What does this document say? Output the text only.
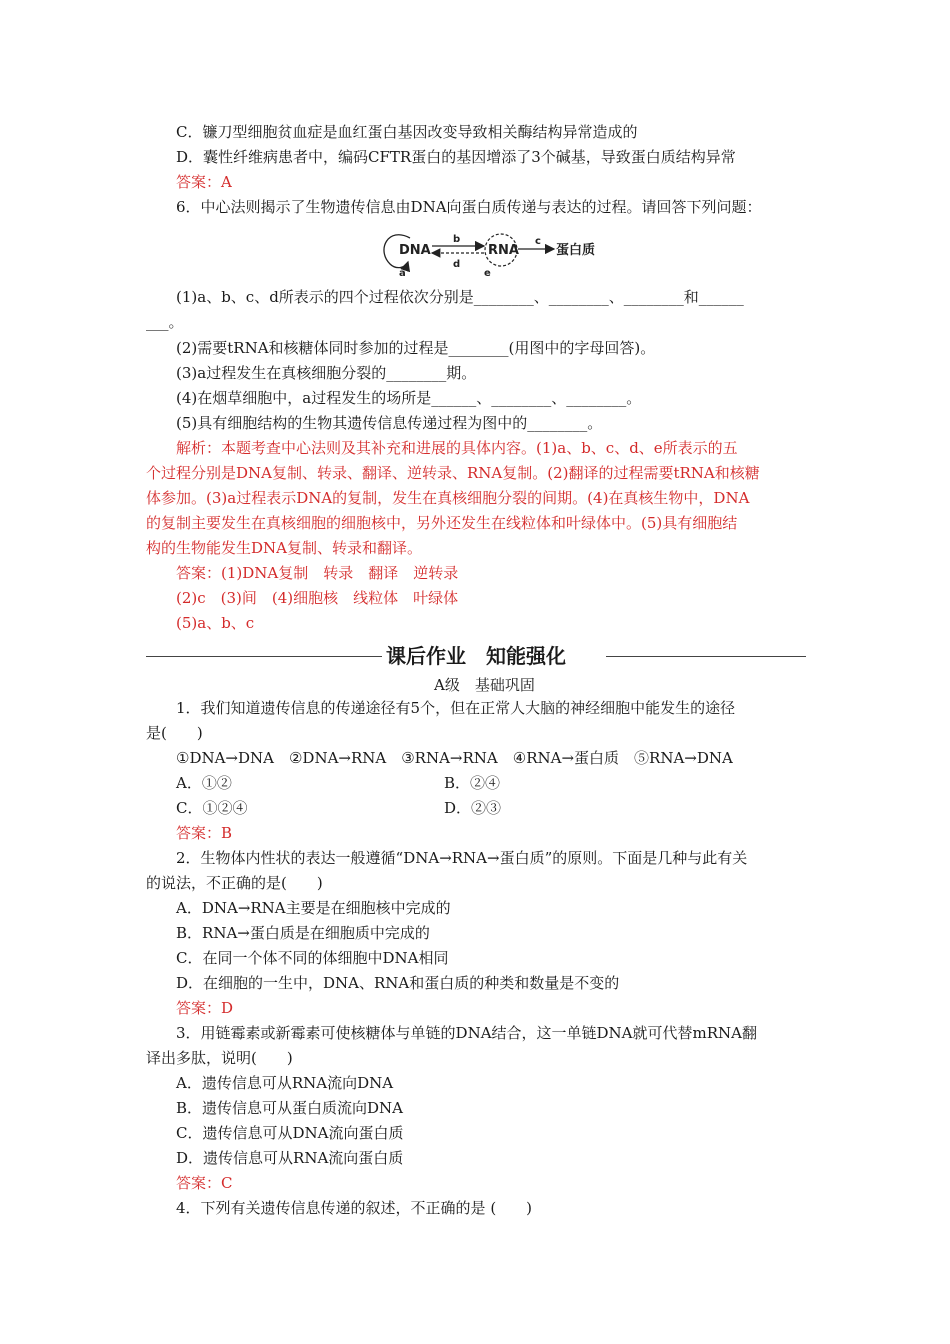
C．镰刀型细胞贫血症是血红蛋白基因改变导致相关酶结构异常造成的
D．囊性纤维病患者中，编码CFTR蛋白的基因增添了3个碱基，导致蛋白质结构异常
答案：A
6．中心法则揭示了生物遗传信息由DNA向蛋白质传递与表达的过程。请回答下列问题：
(1)a、b、c、d所表示的四个过程依次分别是________、________、________和______
___。
(2)需要tRNA和核糖体同时参加的过程是________(用图中的字母回答)。
(3)a过程发生在真核细胞分裂的________期。
(4)在烟草细胞中，a过程发生的场所是______、________、________。
(5)具有细胞结构的生物其遗传信息传递过程为图中的________。
解析：本题考查中心法则及其补充和进展的具体内容。(1)a、b、c、d、e所表示的五
个过程分别是DNA复制、转录、翻译、逆转录、RNA复制。(2)翻译的过程需要tRNA和核糖
体参加。(3)a过程表示DNA的复制，发生在真核细胞分裂的间期。(4)在真核生物中，DNA
的复制主要发生在真核细胞的细胞核中，另外还发生在线粒体和叶绿体中。(5)具有细胞结
构的生物能发生DNA复制、转录和翻译。
答案：(1)DNA复制　转录　翻译　逆转录
(2)c　(3)间　(4)细胞核　线粒体　叶绿体
(5)a、b、c
A级　基础巩固
1．我们知道遗传信息的传递途径有5个，但在正常人大脑的神经细胞中能发生的途径
是(　　)
①DNA→DNA　②DNA→RNA　③RNA→RNA　④RNA→蛋白质　⑤RNA→DNA
A．①②	B．②④
C．①②④	D．②③
答案：B
2．生物体内性状的表达一般遵循“DNA→RNA→蛋白质”的原则。下面是几种与此有关
的说法，不正确的是(　　)
A．DNA→RNA主要是在细胞核中完成的
B．RNA→蛋白质是在细胞质中完成的
C．在同一个体不同的体细胞中DNA相同
D．在细胞的一生中，DNA、RNA和蛋白质的种类和数量是不变的
答案：D
3．用链霉素或新霉素可使核糖体与单链的DNA结合，这一单链DNA就可代替mRNA翻
译出多肽，说明(　　)
A．遗传信息可从RNA流向DNA
B．遗传信息可从蛋白质流向DNA
C．遗传信息可从DNA流向蛋白质
D．遗传信息可从RNA流向蛋白质
答案：C
4．下列有关遗传信息传递的叙述，不正确的是 (　　)
DNA
a
b
d
RNA
e
c
蛋白质
课后作业　知能强化
